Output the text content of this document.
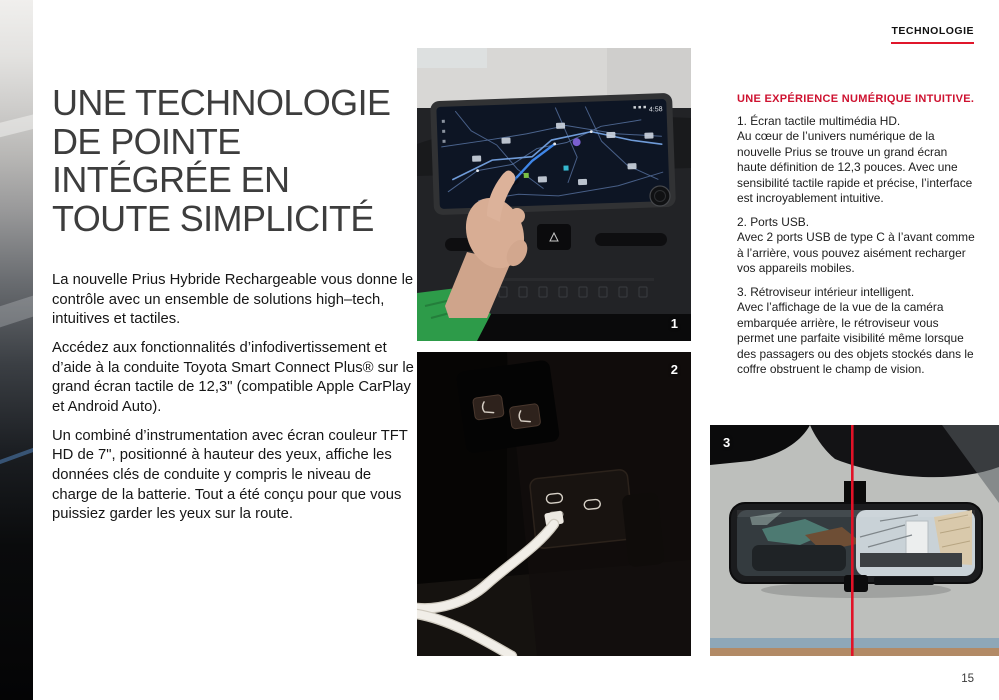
TECHNOLOGIE
UNE TECHNOLOGIE
DE POINTE
INTÉGRÉE EN
TOUTE SIMPLICITÉ

La nouvelle Prius Hybride Rechargeable vous donne le contrôle avec un ensemble de solutions high–tech, intuitives et tactiles.

Accédez aux fonctionnalités d’infodivertissement et d’aide à la conduite Toyota Smart Connect Plus® sur le grand écran tactile de 12,3" (compatible Apple CarPlay et Android Auto).

Un combiné d’instrumentation avec écran couleur TFT HD de 7", positionné à hauteur des yeux, affiche les données clés de conduite y compris le niveau de charge de la batterie. Tout a été conçu pour que vous puissiez garder les yeux sur la route.

4:58
1
2
UNE EXPÉRIENCE NUMÉRIQUE INTUITIVE.

1. Écran tactile multimédia HD.

Au cœur de l’univers numérique de la nouvelle Prius se trouve un grand écran haute définition de 12,3 pouces. Avec une sensibilité tactile rapide et précise, l’interface est incroyablement intuitive.

2. Ports USB.

Avec 2 ports USB de type C à l’avant comme à l’arrière, vous pouvez aisément recharger vos appareils mobiles.

3. Rétroviseur intérieur intelligent.

Avec l’affichage de la vue de la caméra embarquée arrière, le rétroviseur vous permet une parfaite visibilité même lorsque des passagers ou des objets stockés dans le coffre obstruent le champ de vision.

3
15
